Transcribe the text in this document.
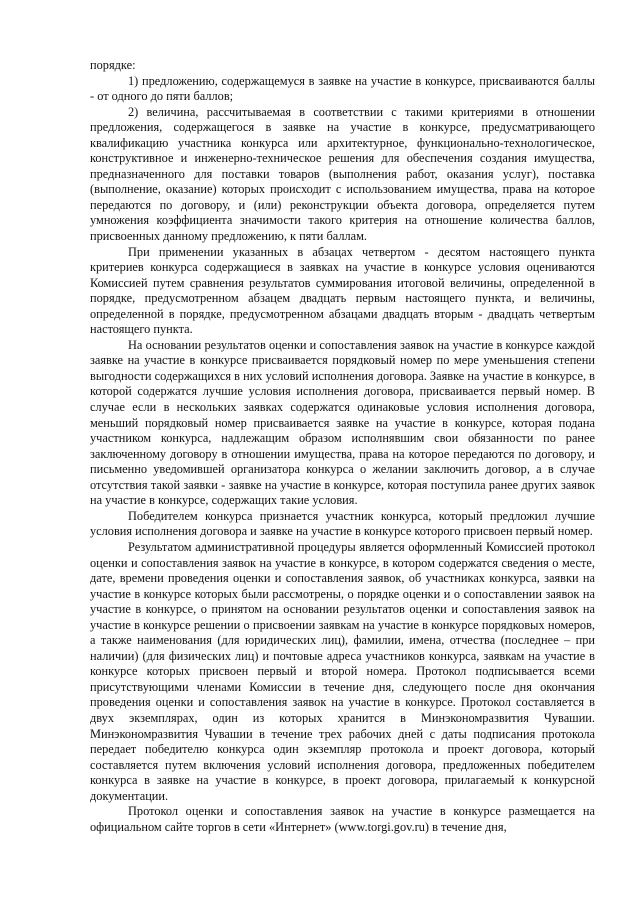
порядке:

1) предложению, содержащемуся в заявке на участие в конкурсе, присваиваются баллы - от одного до пяти баллов;

2) величина, рассчитываемая в соответствии с такими критериями в отношении предложения, содержащегося в заявке на участие в конкурсе, предусматривающего квалификацию участника конкурса или архитектурное, функционально-технологическое, конструктивное и инженерно-техническое решения для обеспечения создания имущества, предназначенного для поставки товаров (выполнения работ, оказания услуг), поставка (выполнение, оказание) которых происходит с использованием имущества, права на которое передаются по договору, и (или) реконструкции объекта договора, определяется путем умножения коэффициента значимости такого критерия на отношение количества баллов, присвоенных данному предложению, к пяти баллам.

При применении указанных в абзацах четвертом - десятом настоящего пункта критериев конкурса содержащиеся в заявках на участие в конкурсе условия оцениваются Комиссией путем сравнения результатов суммирования итоговой величины, определенной в порядке, предусмотренном абзацем двадцать первым настоящего пункта, и величины, определенной в порядке, предусмотренном абзацами двадцать вторым - двадцать четвертым настоящего пункта.

На основании результатов оценки и сопоставления заявок на участие в конкурсе каждой заявке на участие в конкурсе присваивается порядковый номер по мере уменьшения степени выгодности содержащихся в них условий исполнения договора. Заявке на участие в конкурсе, в которой содержатся лучшие условия исполнения договора, присваивается первый номер. В случае если в нескольких заявках содержатся одинаковые условия исполнения договора, меньший порядковый номер присваивается заявке на участие в конкурсе, которая подана участником конкурса, надлежащим образом исполнявшим свои обязанности по ранее заключенному договору в отношении имущества, права на которое передаются по договору, и письменно уведомившей организатора конкурса о желании заключить договор, а в случае отсутствия такой заявки - заявке на участие в конкурсе, которая поступила ранее других заявок на участие в конкурсе, содержащих такие условия.

Победителем конкурса признается участник конкурса, который предложил лучшие условия исполнения договора и заявке на участие в конкурсе которого присвоен первый номер.

Результатом административной процедуры является оформленный Комиссией протокол оценки и сопоставления заявок на участие в конкурсе, в котором содержатся сведения о месте, дате, времени проведения оценки и сопоставления заявок, об участниках конкурса, заявки на участие в конкурсе которых были рассмотрены, о порядке оценки и о сопоставлении заявок на участие в конкурсе, о принятом на основании результатов оценки и сопоставления заявок на участие в конкурсе решении о присвоении заявкам на участие в конкурсе порядковых номеров, а также наименования (для юридических лиц), фамилии, имена, отчества (последнее – при наличии) (для физических лиц) и почтовые адреса участников конкурса, заявкам на участие в конкурсе которых присвоен первый и второй номера. Протокол подписывается всеми присутствующими членами Комиссии в течение дня, следующего после дня окончания проведения оценки и сопоставления заявок на участие в конкурсе. Протокол составляется в двух экземплярах, один из которых хранится в Минэкономразвития Чувашии. Минэкономразвития Чувашии в течение трех рабочих дней с даты подписания протокола передает победителю конкурса один экземпляр протокола и проект договора, который составляется путем включения условий исполнения договора, предложенных победителем конкурса в заявке на участие в конкурсе, в проект договора, прилагаемый к конкурсной документации.

Протокол оценки и сопоставления заявок на участие в конкурсе размещается на официальном сайте торгов в сети «Интернет» (www.torgi.gov.ru) в течение дня,
